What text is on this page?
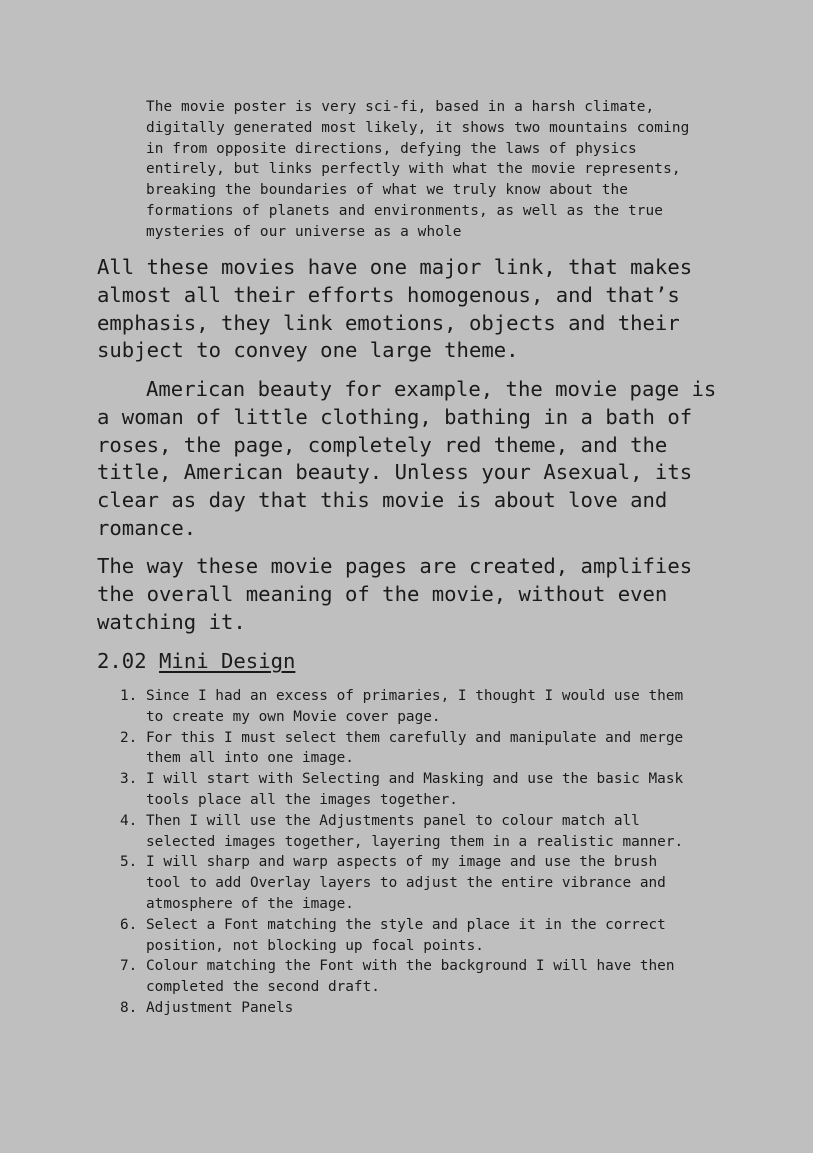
The movie poster is very sci-fi, based in a harsh climate,

digitally generated most likely, it shows two mountains coming

in from opposite directions, defying the laws of physics

entirely, but links perfectly with what the movie represents,

breaking the boundaries of what we truly know about the

formations of planets and environments, as well as the true

mysteries of our universe as a whole

All these movies have one major link, that makes almost all their efforts homogenous, and that’s emphasis, they link emotions, objects and their subject to convey one large theme.

American beauty for example, the movie page is a woman of little clothing, bathing in a bath of roses, the page, completely red theme, and the title, American beauty. Unless your Asexual, its clear as day that this movie is about love and romance.

The way these movie pages are created, amplifies the overall meaning of the movie, without even watching it.

2.02 Mini Design
1. Since I had an excess of primaries, I thought I would use them
to create my own Movie cover page.
2. For this I must select them carefully and manipulate and merge
them all into one image.
3. I will start with Selecting and Masking and use the basic Mask
tools place all the images together.
4. Then I will use the Adjustments panel to colour match all
selected images together, layering them in a realistic manner.
5. I will sharp and warp aspects of my image and use the brush
tool to add Overlay layers to adjust the entire vibrance and
atmosphere of the image.
6. Select a Font matching the style and place it in the correct
position, not blocking up focal points.
7. Colour matching the Font with the background I will have then
completed the second draft.
8. Adjustment Panels
